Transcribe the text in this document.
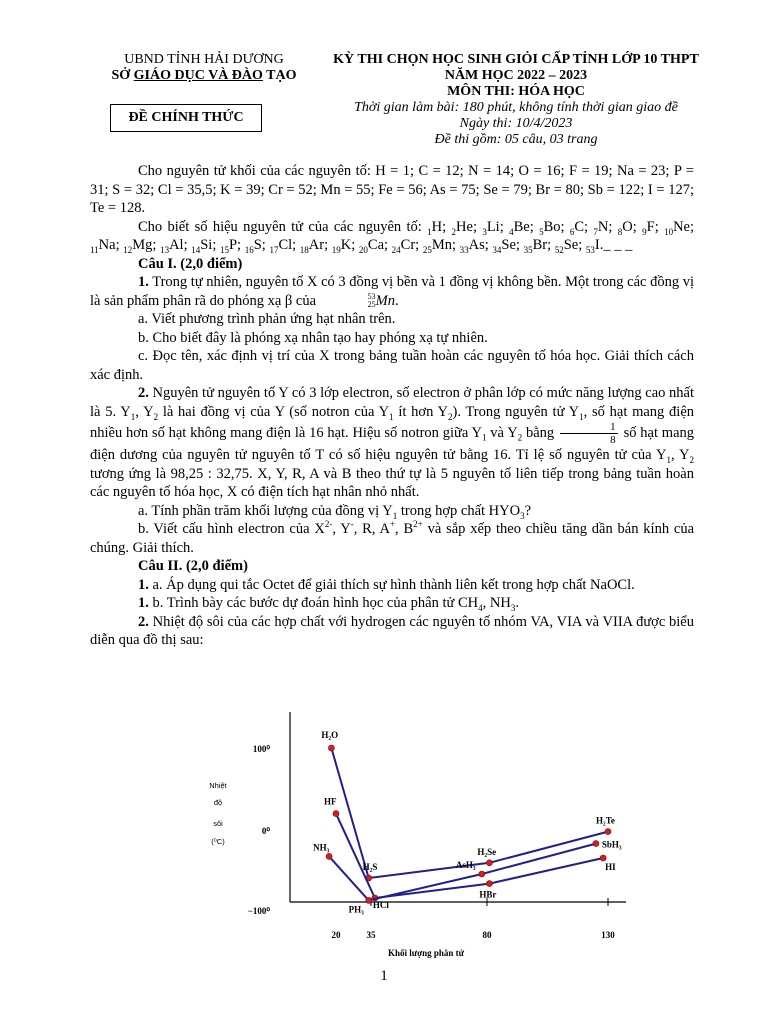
UBND TỈNH HẢI DƯƠNG
SỞ GIÁO DỤC VÀ ĐÀO TẠO
ĐỀ CHÍNH THỨC
KỲ THI CHỌN HỌC SINH GIỎI CẤP TỈNH LỚP 10 THPT
NĂM HỌC 2022 – 2023
MÔN THI: HÓA HỌC
Thời gian làm bài: 180 phút, không tính thời gian giao đề
Ngày thi: 10/4/2023
Đề thi gồm: 05 câu, 03 trang

Cho nguyên tử khối của các nguyên tố: H = 1; C = 12; N = 14; O = 16; F = 19; Na = 23; P = 31; S = 32; Cl = 35,5; K = 39; Cr = 52; Mn = 55; Fe = 56; As = 75; Se = 79; Br = 80; Sb = 122; I = 127; Te = 128.

Cho biết số hiệu nguyên tử của các nguyên tố: $_1$H; $_2$He; $_3$Li; $_4$Be; $_5$Bo; $_6$C; $_7$N; $_8$O; $_9$F; $_{10}$Ne; $_{11}$Na; $_{12}$Mg; $_{13}$Al; $_{14}$Si; $_{15}$P; $_{16}$S; $_{17}$Cl; $_{18}$Ar; $_{19}$K; $_{20}$Ca; $_{24}$Cr; $_{25}$Mn; $_{33}$As; $_{34}$Se; $_{35}$Br; $_{52}$Se; $_{53}$I._ _ _

Câu I. (2,0 điểm)

1. Trong tự nhiên, nguyên tố X có 3 đồng vị bền và 1 đồng vị không bền. Một trong các đồng vị là sản phẩm phân rã do phóng xạ β của	53
25 Mn.

a. Viết phương trình phản ứng hạt nhân trên.

b. Cho biết đây là phóng xạ nhân tạo hay phóng xạ tự nhiên.

c. Đọc tên, xác định vị trí của X trong bảng tuần hoàn các nguyên tố hóa học. Giải thích cách xác định.

2. Nguyên tử nguyên tố Y có 3 lớp electron, số electron ở phân lớp có mức năng lượng cao nhất là 5. $Y_1$, $Y_2$ là hai đồng vị của Y (số notron của $Y_1$ ít hơn $Y_2$). Trong nguyên tử $Y_1$, số hạt mang điện nhiều hơn số hạt không mang điện là 16 hạt. Hiệu số notron giữa $Y_1$ và $Y_2$ bằng $\frac{1}{8}$ số hạt mang điện dương của nguyên tử nguyên tố T có số hiệu nguyên tử bằng 16. Tỉ lệ số nguyên tử của $Y_1$, $Y_2$ tương ứng là 98,25 : 32,75. X, Y, R, A và B theo thứ tự là 5 nguyên tố liên tiếp trong bảng tuần hoàn các nguyên tố hóa học, X có điện tích hạt nhân nhỏ nhất.

a. Tính phần trăm khối lượng của đồng vị $Y_1$ trong hợp chất $HYO_3$?

b. Viết cấu hình electron của $X^{2-}$, Y-, R, A+, $B^{2+}$ và sắp xếp theo chiều tăng dần bán kính của chúng. Giải thích.

Câu II. (2,0 điểm)

1. a. Áp dụng qui tắc Octet để giải thích sự hình thành liên kết trong hợp chất NaOCl.

1. b. Trình bày các bước dự đoán hình học của phân tử $CH_4$, $NH_3$.

2. Nhiệt độ sôi của các hợp chất với hydrogen các nguyên tố nhóm VA, VIA và VIIA được biểu diễn qua đồ thị sau:

100⁰
0⁰
−100⁰
20	35	80	130
Khối lượng phân tử
Nhiệt
độ
sôi
(⁰C)
H₂O
H₂S
H₂Se
H₂Te
HF
HCl
HBr
HI
NH₃
PH₃
AsH₃
SbH₃
1
